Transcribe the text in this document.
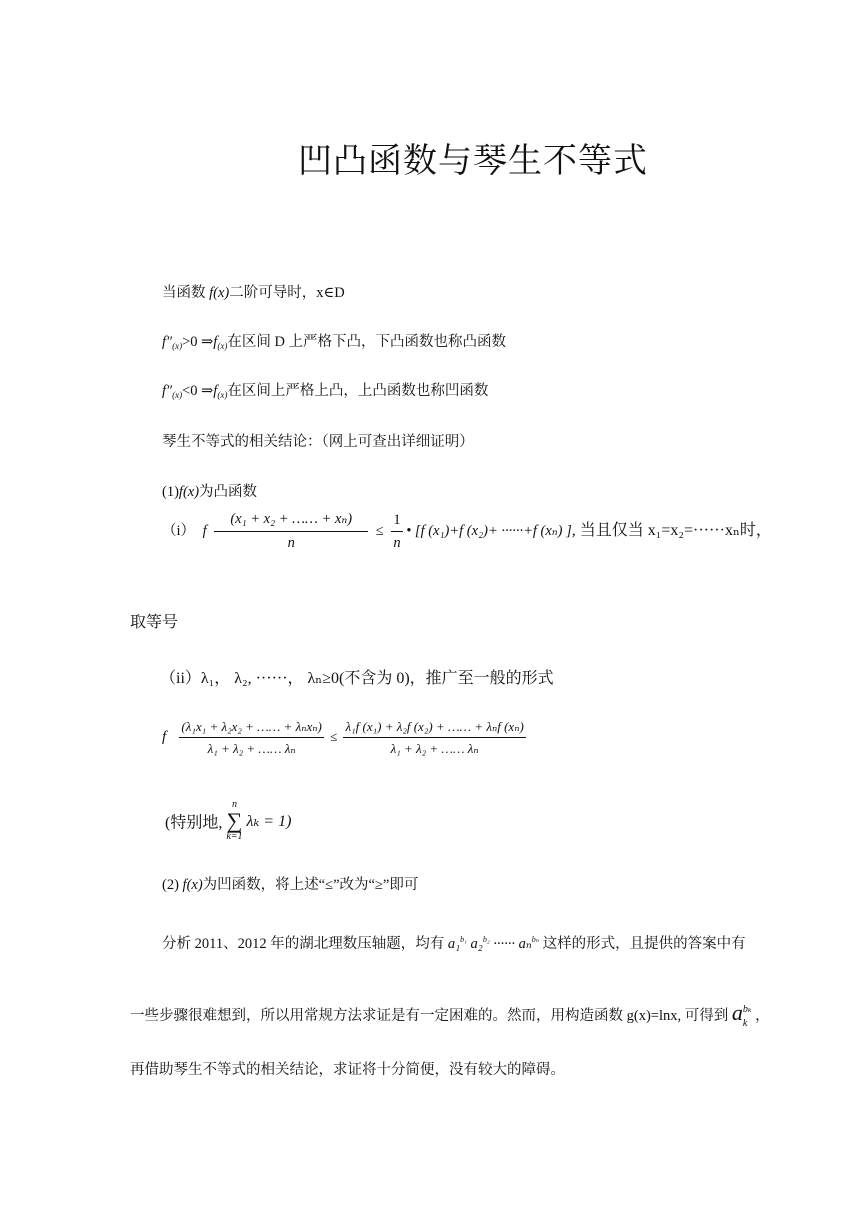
凹凸函数与琴生不等式
当函数 f(x)二阶可导时，x∈D
$f''_{(x)}>0$ $\Rightarrow f_{(x)}$在区间 D 上严格下凸，下凸函数也称凸函数
$f''_{(x)}<0$ $\Rightarrow f_{(x)}$在区间上严格上凸，上凸函数也称凹函数
琴生不等式的相关结论：（网上可查出详细证明）
(1)f(x)为凸函数
（i） f $\frac{\text{(x₁ + x₂ + …… + xₙ)}}{n} \le \frac{1}{n}$ • [f (x₁)+f (x₂)+ ······+f (xₙ) ], 当且仅当 x₁=x₂=······xₙ时，
取等号
（ii）λ₁， λ₂, ······， λₙ≥0(不含为 0)，推广至一般的形式
f $\frac{\text{(λ₁x₁ + λ₂x₂ + …… + λₙxₙ)}}{\text{λ₁ + λ₂ + …… λₙ}} \le \frac{\text{λ₁f (x₁) + λ₂f (x₂) + …… + λₙf (xₙ)}}{\text{λ₁ + λ₂ + …… λₙ}}$
(特别地,
n
∑
k=1
λₖ = 1)
(2) f(x)为凹函数，将上述“≤”改为“≥”即可
分析 2011、2012 年的湖北理数压轴题，均有 a₁$^{b_1}$ a₂$^{b_2}$ ······ aₙ$^{b_n}$ 这样的形式，且提供的答案中有
一些步骤很难想到，所以用常规方法求证是有一定困难的。然而，用构造函数 g(x)=lnx, 可得到 a bₖ
k ，
再借助琴生不等式的相关结论，求证将十分简便，没有较大的障碍。
